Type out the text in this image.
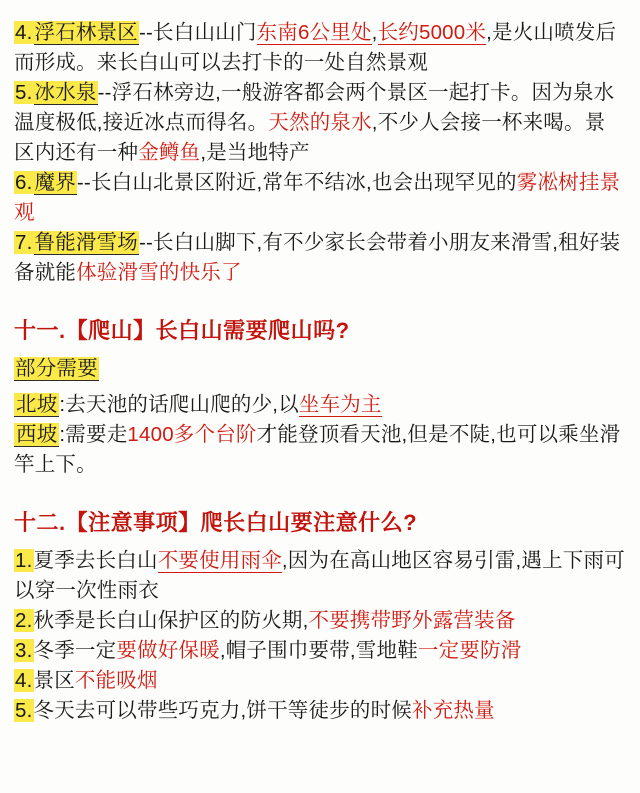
4.浮石林景区--长白山山门东南6公里处,长约5000米,是火山喷发后而形成。来长白山可以去打卡的一处自然景观
5.冰水泉--浮石林旁边,一般游客都会两个景区一起打卡。因为泉水温度极低,接近冰点而得名。天然的泉水,不少人会接一杯来喝。景区内还有一种金鳟鱼,是当地特产
6.魔界--长白山北景区附近,常年不结冰,也会出现罕见的雾凇树挂景观
7.鲁能滑雪场--长白山脚下,有不少家长会带着小朋友来滑雪,租好装备就能体验滑雪的快乐了
十一.【爬山】长白山需要爬山吗?
部分需要
北坡:去天池的话爬山爬的少,以坐车为主
西坡:需要走1400多个台阶才能登顶看天池,但是不陡,也可以乘坐滑竿上下。
十二.【注意事项】爬长白山要注意什么?
1.夏季去长白山不要使用雨伞,因为在高山地区容易引雷,遇上下雨可以穿一次性雨衣
2.秋季是长白山保护区的防火期,不要携带野外露营装备
3.冬季一定要做好保暖,帽子围巾要带,雪地鞋一定要防滑
4.景区不能吸烟
5.冬天去可以带些巧克力,饼干等徒步的时候补充热量
